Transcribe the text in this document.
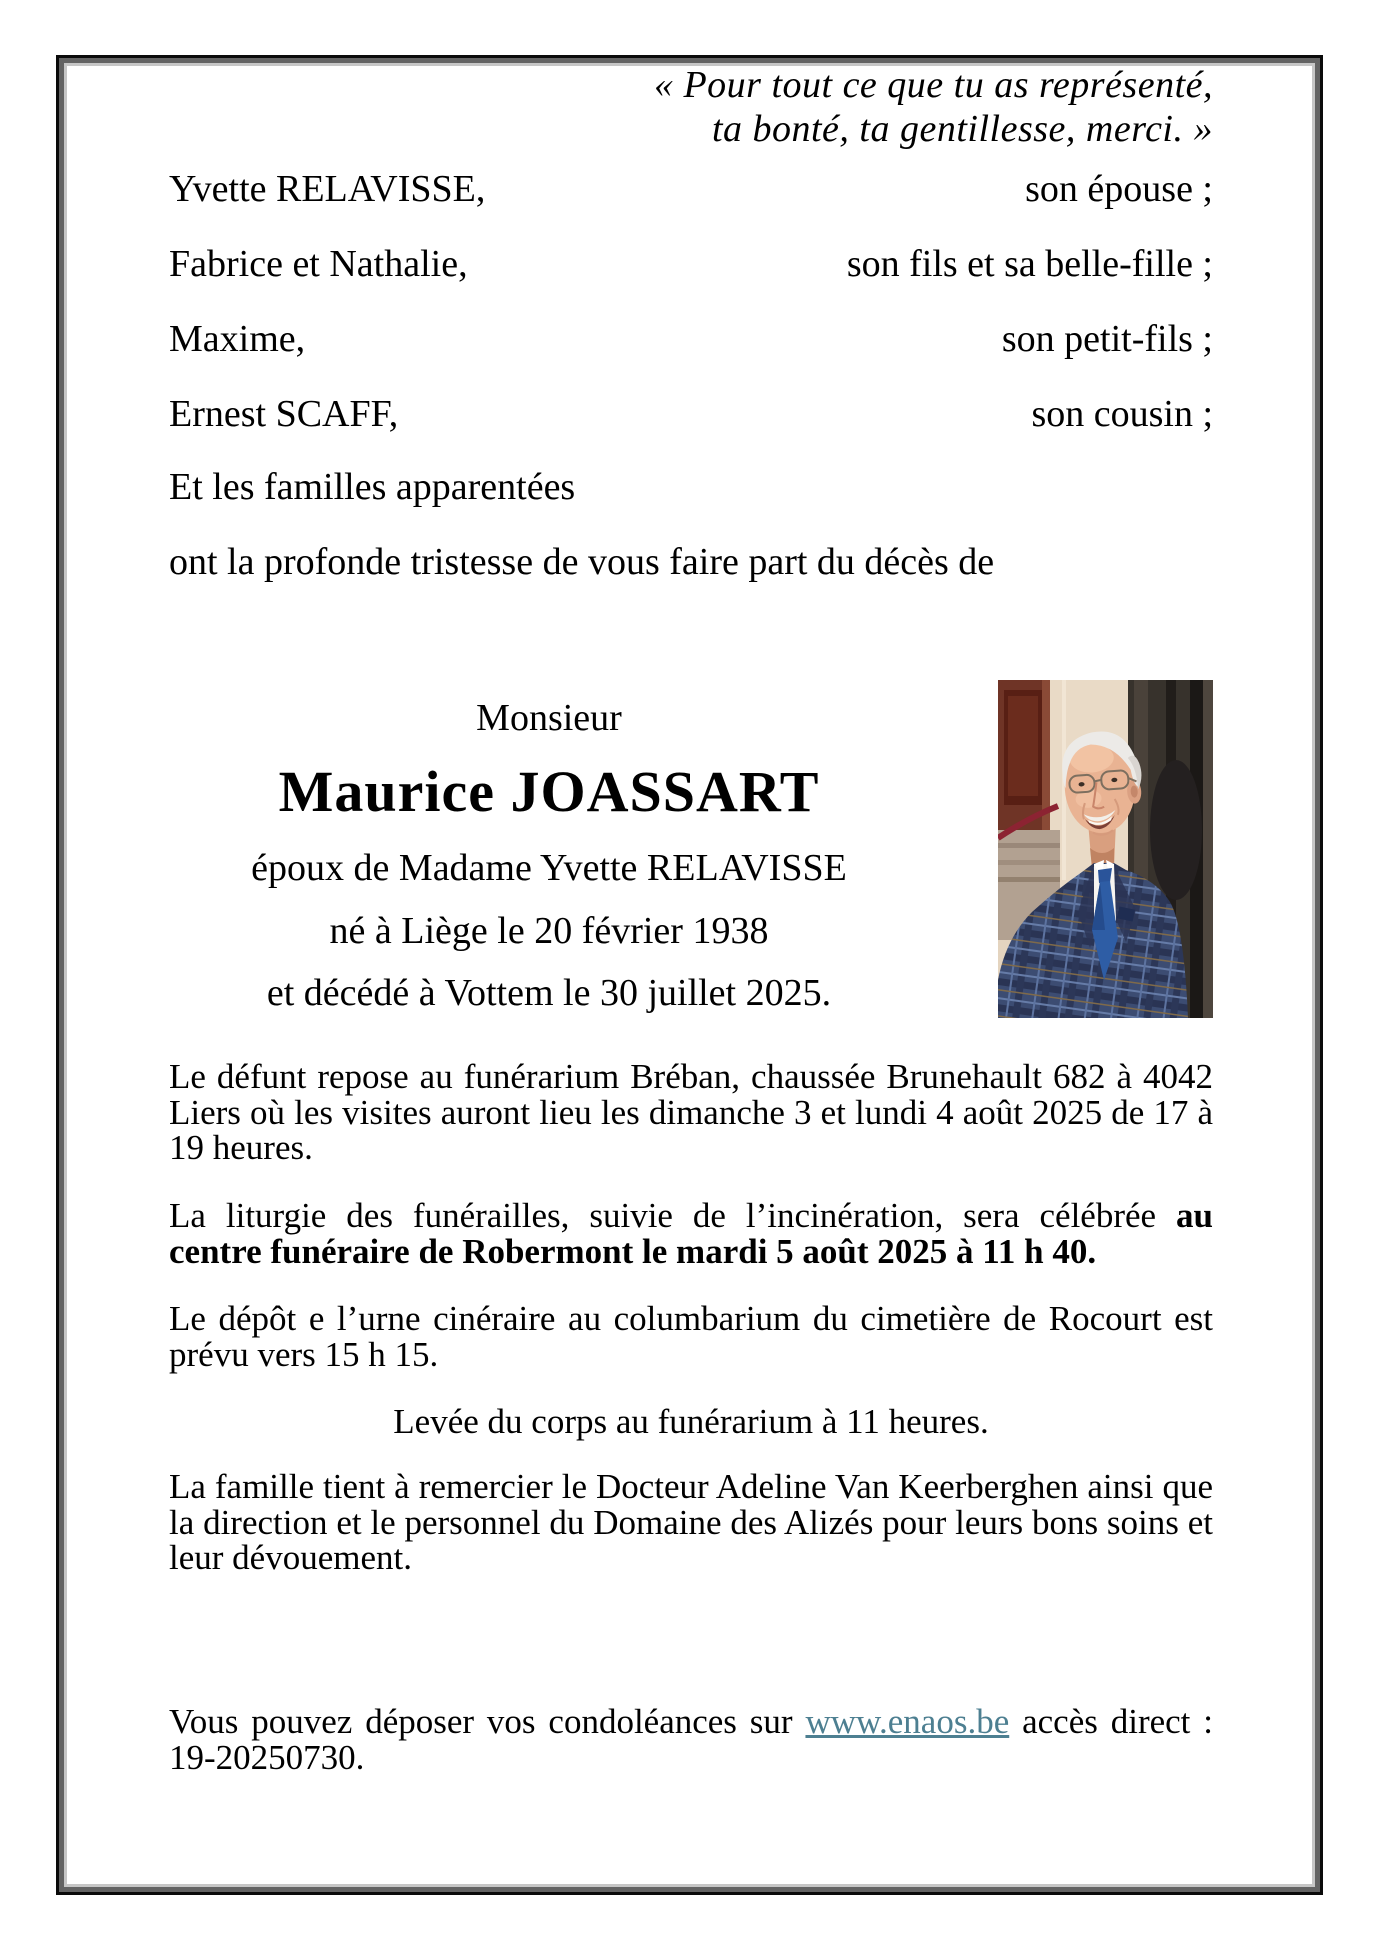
« Pour tout ce que tu as représenté,
ta bonté, ta gentillesse, merci. »
Yvette RELAVISSE,	son épouse ;
Fabrice et Nathalie,	son fils et sa belle-fille ;
Maxime,	son petit-fils ;
Ernest SCAFF,	son cousin ;
Et les familles apparentées
ont la profonde tristesse de vous faire part du décès de
Monsieur
Maurice JOASSART
époux de Madame Yvette RELAVISSE
né à Liège le 20 février 1938
et décédé à Vottem le 30 juillet 2025.
Le défunt repose au funérarium Bréban, chaussée Brunehault 682 à 4042 Liers où les visites auront lieu les dimanche 3 et lundi 4 août 2025 de 17 à 19 heures.
La liturgie des funérailles, suivie de l’incinération, sera célébrée au centre funéraire de Robermont le mardi 5 août 2025 à 11 h 40.
Le dépôt e l’urne cinéraire au columbarium du cimetière de Rocourt est prévu vers 15 h 15.
Levée du corps au funérarium à 11 heures.
La famille tient à remercier le Docteur Adeline Van Keerberghen ainsi que la direction et le personnel du Domaine des Alizés pour leurs bons soins et leur dévouement.
Vous pouvez déposer vos condoléances sur www.enaos.be accès direct : 19-20250730.
